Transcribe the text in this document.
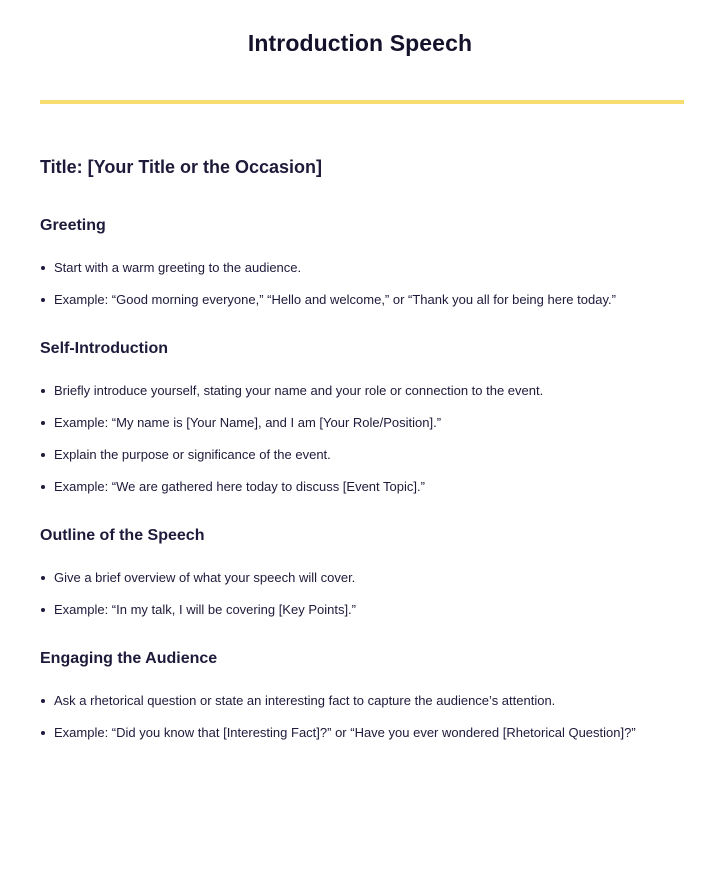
Introduction Speech
Title: [Your Title or the Occasion]
Greeting
Start with a warm greeting to the audience.
Example: “Good morning everyone,” “Hello and welcome,” or “Thank you all for being here today.”
Self-Introduction
Briefly introduce yourself, stating your name and your role or connection to the event.
Example: “My name is [Your Name], and I am [Your Role/Position].”
Explain the purpose or significance of the event.
Example: “We are gathered here today to discuss [Event Topic].”
Outline of the Speech
Give a brief overview of what your speech will cover.
Example: “In my talk, I will be covering [Key Points].”
Engaging the Audience
Ask a rhetorical question or state an interesting fact to capture the audience’s attention.
Example: “Did you know that [Interesting Fact]?” or “Have you ever wondered [Rhetorical Question]?”
